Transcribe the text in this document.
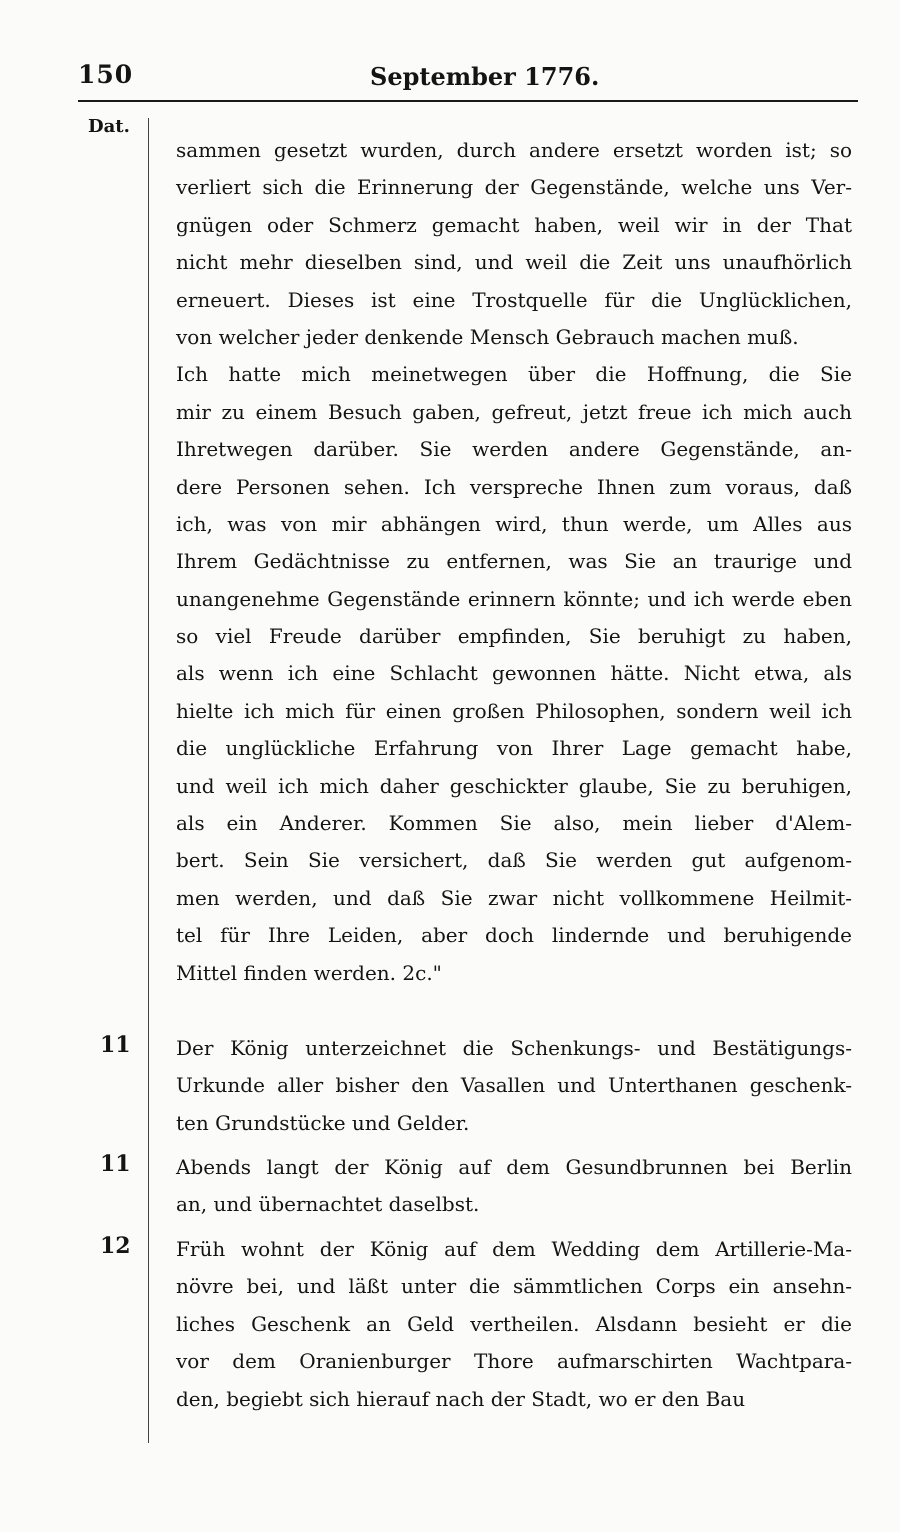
150	September 1776.
Dat.
sammen gesetzt wurden, durch andere ersetzt worden ist; so
verliert sich die Erinnerung der Gegenstände, welche uns Ver-
gnügen oder Schmerz gemacht haben, weil wir in der That
nicht mehr dieselben sind, und weil die Zeit uns unaufhörlich
erneuert. Dieses ist eine Trostquelle für die Unglücklichen,
von welcher jeder denkende Mensch Gebrauch machen muß.
Ich hatte mich meinetwegen über die Hoffnung, die Sie
mir zu einem Besuch gaben, gefreut, jetzt freue ich mich auch
Ihretwegen darüber. Sie werden andere Gegenstände, an-
dere Personen sehen. Ich verspreche Ihnen zum voraus, daß
ich, was von mir abhängen wird, thun werde, um Alles aus
Ihrem Gedächtnisse zu entfernen, was Sie an traurige und
unangenehme Gegenstände erinnern könnte; und ich werde eben
so viel Freude darüber empfinden, Sie beruhigt zu haben,
als wenn ich eine Schlacht gewonnen hätte. Nicht etwa, als
hielte ich mich für einen großen Philosophen, sondern weil ich
die unglückliche Erfahrung von Ihrer Lage gemacht habe,
und weil ich mich daher geschickter glaube, Sie zu beruhigen,
als ein Anderer. Kommen Sie also, mein lieber d'Alem-
bert. Sein Sie versichert, daß Sie werden gut aufgenom-
men werden, und daß Sie zwar nicht vollkommene Heilmit-
tel für Ihre Leiden, aber doch lindernde und beruhigende
Mittel finden werden. 2c."
11 Der König unterzeichnet die Schenkungs- und Bestätigungs-
Urkunde aller bisher den Vasallen und Unterthanen geschenk-
ten Grundstücke und Gelder.
11 Abends langt der König auf dem Gesundbrunnen bei Berlin
an, und übernachtet daselbst.
12 Früh wohnt der König auf dem Wedding dem Artillerie-Ma-
növre bei, und läßt unter die sämmtlichen Corps ein ansehn-
liches Geschenk an Geld vertheilen. Alsdann besieht er die
vor dem Oranienburger Thore aufmarschirten Wachtpara-
den, begiebt sich hierauf nach der Stadt, wo er den Bau
